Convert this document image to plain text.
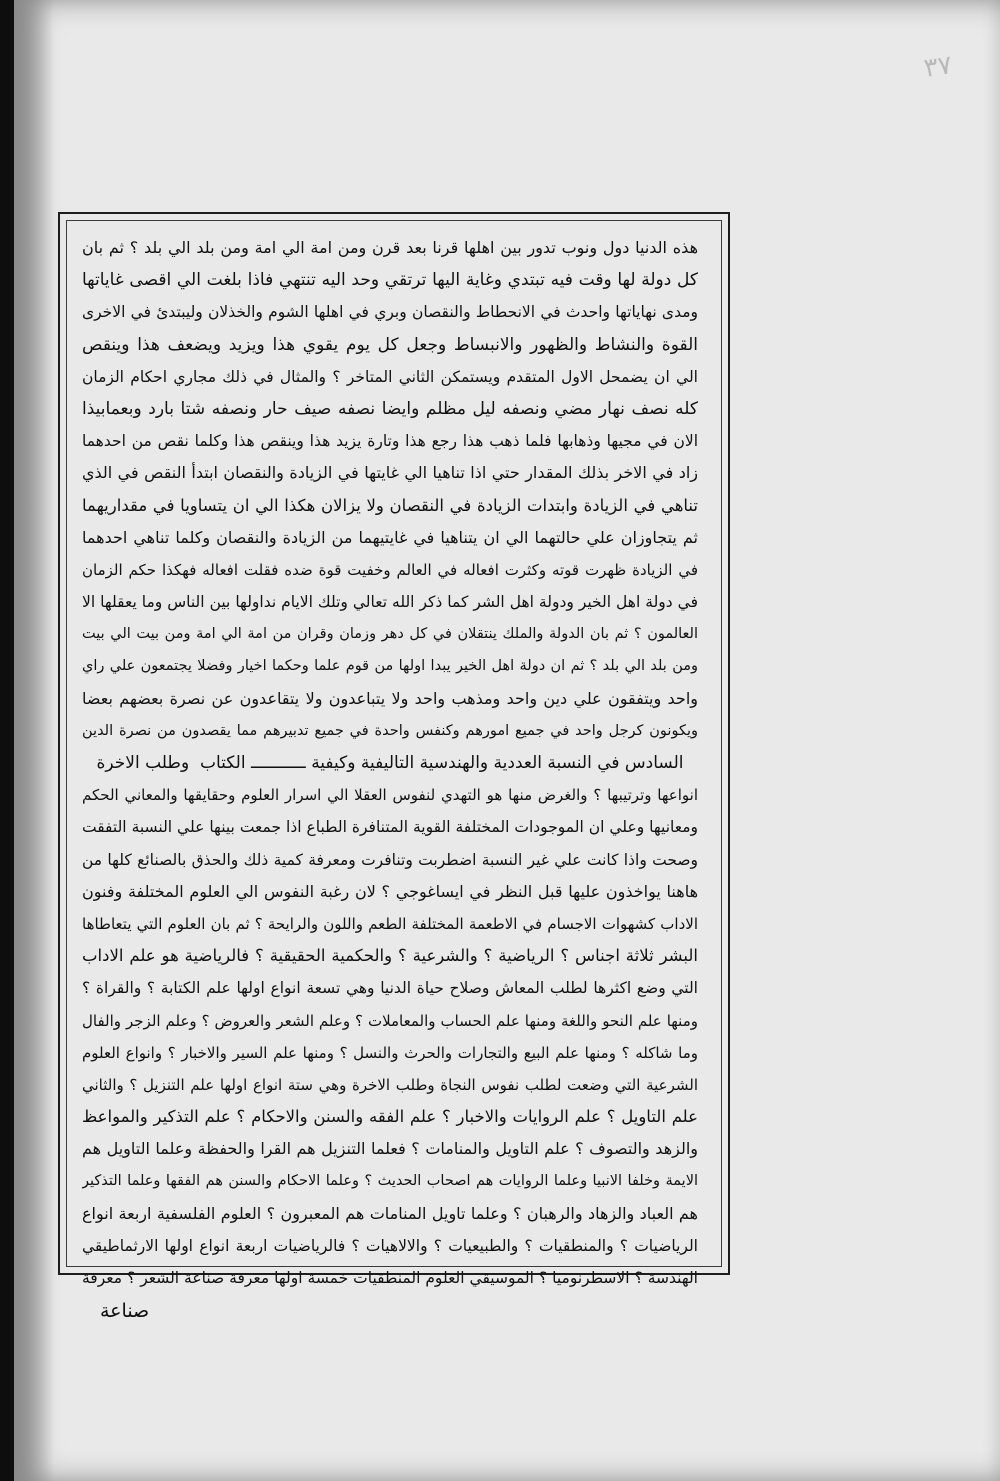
٣٧
هذه الدنيا دول ونوب تدور بين اهلها قرنا بعد قرن ومن امة الي امة ومن بلد الي بلد ؟ ثم بان
كل دولة لها وقت فيه تبتدي وغاية اليها ترتقي وحد اليه تنتهي فاذا بلغت الي اقصى غاياتها
ومدى نهاياتها واحدث في الانحطاط والنقصان وبري في اهلها الشوم والخذلان وليبتدئ في الاخرى
القوة والنشاط والظهور والانبساط وجعل كل يوم يقوي هذا ويزيد ويضعف هذا وينقص
الي ان يضمحل الاول المتقدم ويستمكن الثاني المتاخر ؟ والمثال في ذلك مجاري احكام الزمان
كله نصف نهار مضي ونصفه ليل مظلم وايضا نصفه صيف حار ونصفه شتا بارد وبعمابيذا
الان في مجيها وذهابها فلما ذهب هذا رجع هذا وتارة يزيد هذا وينقص هذا وكلما نقص من احدهما
زاد في الاخر بذلك المقدار حتي اذا تناهيا الي غايتها في الزيادة والنقصان ابتدأ النقص في الذي
تناهي في الزيادة وابتدات الزيادة في النقصان ولا يزالان هكذا الي ان يتساويا في مقداريهما
ثم يتجاوزان علي حالتهما الي ان يتناهيا في غايتيهما من الزيادة والنقصان وكلما تناهي احدهما
في الزيادة ظهرت قوته وكثرت افعاله في العالم وخفيت قوة ضده فقلت افعاله فهكذا حكم الزمان
في دولة اهل الخير ودولة اهل الشر كما ذكر الله تعالي وتلك الايام نداولها بين الناس وما يعقلها الا
العالمون ؟ ثم بان الدولة والملك ينتقلان في كل دهر وزمان وقران من امة الي امة ومن بيت الي بيت
ومن بلد الي بلد ؟ ثم ان دولة اهل الخير يبدا اولها من قوم علما وحكما اخيار وفضلا يجتمعون علي راي
واحد ويتفقون علي دين واحد ومذهب واحد ولا يتباعدون ولا يتقاعدون عن نصرة بعضهم بعضا
ويكونون كرجل واحد في جميع امورهم وكنفس واحدة في جميع تدبيرهم مما يقصدون من نصرة الدين
السادس في النسبة العددية والهندسية التاليفية وكيفية ـــــــــــ الكتاب  وطلب الاخرة
انواعها وترتيبها ؟ والغرض منها هو التهدي لنفوس العقلا الي اسرار العلوم وحقايقها والمعاني الحكم
ومعانيها وعلي ان الموجودات المختلفة القوية المتنافرة الطباع اذا جمعت بينها علي النسبة التفقت
وصحت واذا كانت علي غير النسبة اضطربت وتنافرت ومعرفة كمية ذلك والحذق بالصنائع كلها من
هاهنا يواخذون عليها قبل النظر في ايساغوجي ؟ لان رغبة النفوس الي العلوم المختلفة وفنون
الاداب كشهوات الاجسام في الاطعمة المختلفة الطعم واللون والرايحة ؟ ثم بان العلوم التي يتعاطاها
البشر ثلاثة اجناس ؟ الرياضية ؟ والشرعية ؟ والحكمية الحقيقية ؟ فالرياضية هو علم الاداب
التي وضع اكثرها لطلب المعاش وصلاح حياة الدنيا وهي تسعة انواع اولها علم الكتابة ؟ والقراة ؟
ومنها علم النحو واللغة ومنها علم الحساب والمعاملات ؟ وعلم الشعر والعروض ؟ وعلم الزجر والفال
وما شاكله ؟ ومنها علم البيع والتجارات والحرث والنسل ؟ ومنها علم السير والاخبار ؟ وانواع العلوم
الشرعية التي وضعت لطلب نفوس النجاة وطلب الاخرة وهي ستة انواع اولها علم التنزيل ؟ والثاني
علم التاويل ؟ علم الروايات والاخبار ؟ علم الفقه والسنن والاحكام ؟ علم التذكير والمواعظ
والزهد والتصوف ؟ علم التاويل والمنامات ؟ فعلما التنزيل هم القرا والحفظة وعلما التاويل هم
الايمة وخلفا الانبيا وعلما الروايات هم اصحاب الحديث ؟ وعلما الاحكام والسنن هم الفقها وعلما التذكير
هم العباد والزهاد والرهبان ؟ وعلما تاويل المنامات هم المعبرون ؟ العلوم الفلسفية اربعة انواع
الرياضيات ؟ والمنطقيات ؟ والطبيعيات ؟ والالاهيات ؟ فالرياضيات اربعة انواع اولها الارثماطيقي
الهندسة ؟ الاسطرنوميا ؟ الموسيقي العلوم المنطقيات خمسة اولها معرفة صناعة الشعر ؟ معرفة
صناعة
